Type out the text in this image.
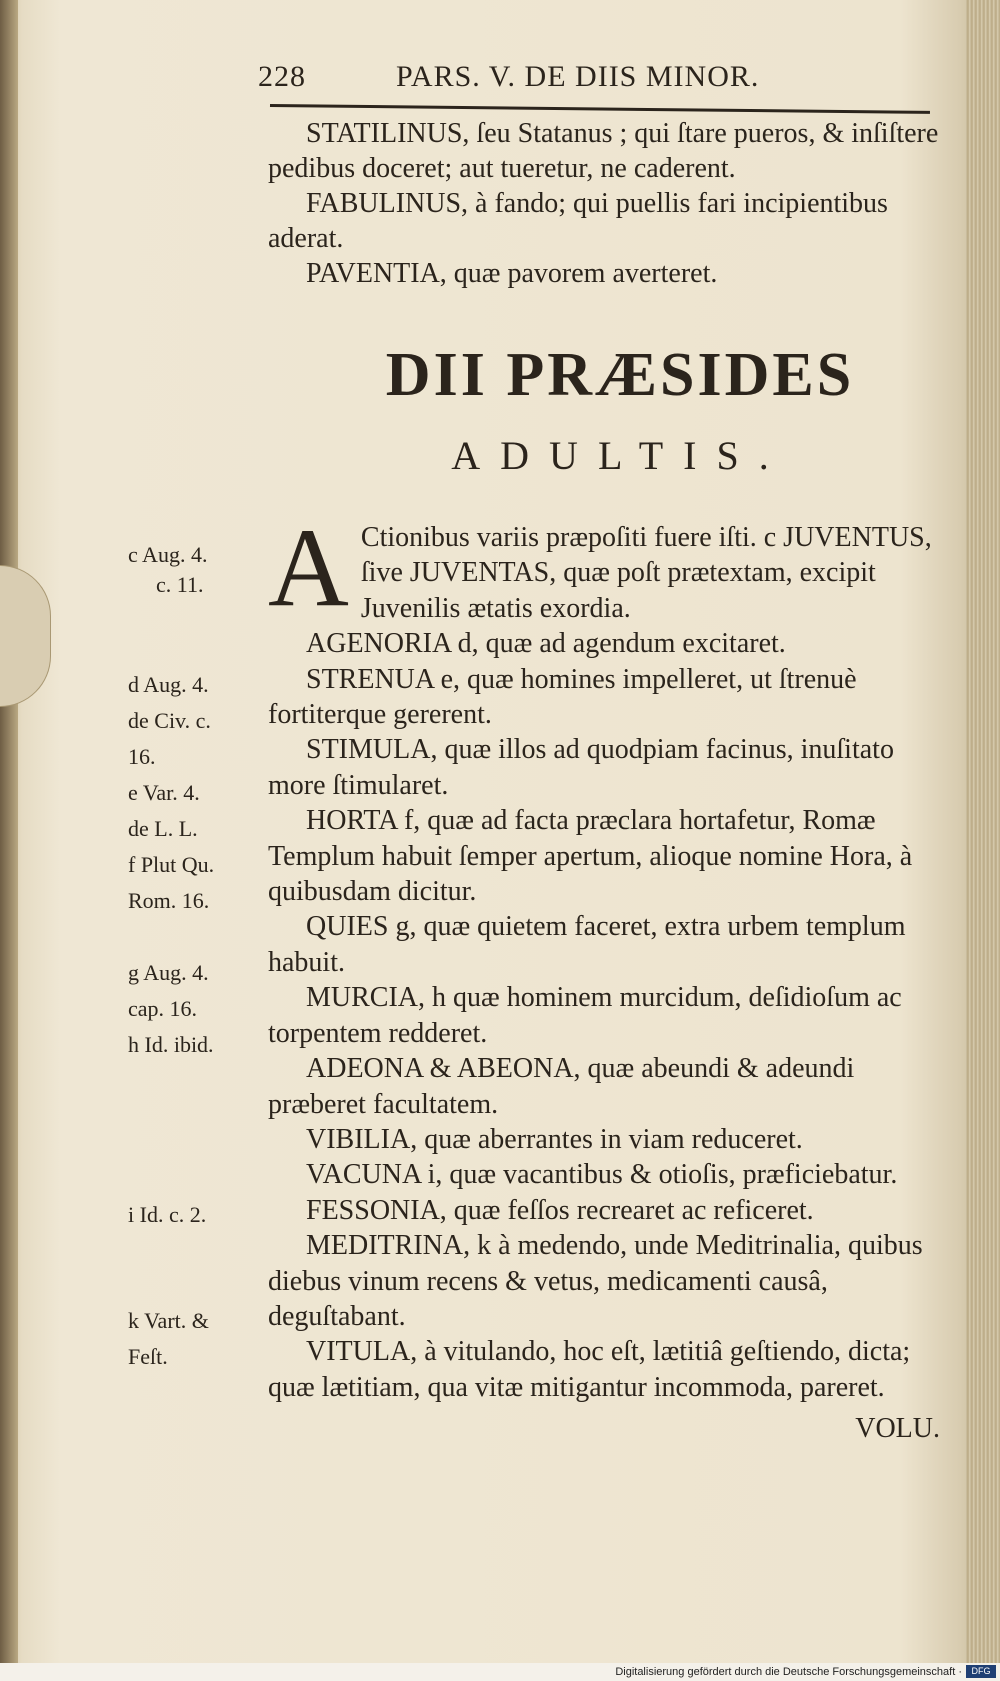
228	PARS. V. DE DIIS MINOR.

STATILINUS, ſeu Statanus ; qui ſtare pueros, & inſiſtere pedibus doceret; aut tueretur, ne caderent.

FABULINUS, à fando; qui puellis fari incipientibus aderat.

PAVENTIA, quæ pavorem averteret.

DII PRÆSIDES
ADULTIS.

A Ctionibus variis præpoſiti fuere iſti. c JUVENTUS, ſive JUVENTAS, quæ poſt prætextam, excipit Juvenilis ætatis exordia.

AGENORIA d, quæ ad agendum excitaret.

STRENUA e, quæ homines impelleret, ut ſtrenuè fortiterque gererent.

STIMULA, quæ illos ad quodpiam facinus, inuſitato more ſtimularet.

HORTA f, quæ ad facta præclara hortafetur, Romæ Templum habuit ſemper apertum, alioque nomine Hora, à quibusdam dicitur.

QUIES g, quæ quietem faceret, extra urbem templum habuit.

MURCIA, h quæ hominem murcidum, deſidioſum ac torpentem redderet.

ADEONA & ABEONA, quæ abeundi & adeundi præberet facultatem.

VIBILIA, quæ aberrantes in viam reduceret.

VACUNA i, quæ vacantibus & otioſis, præficiebatur.

FESSONIA, quæ feſſos recrearet ac reficeret.

MEDITRINA, k à medendo, unde Meditrinalia, quibus diebus vinum recens & vetus, medicamenti causâ, deguſtabant.

VITULA, à vitulando, hoc eſt, lætitiâ geſtiendo, dicta; quæ lætitiam, qua vitæ mitigantur incommoda, pareret.

VOLU.

c Aug. 4.
c. 11.
d Aug. 4.
de Civ. c.
16.
e Var. 4.
de L. L.
f Plut Qu.
Rom. 16.
g Aug. 4.
cap. 16.
h Id. ibid.
i Id. c. 2.
k Vart. &
Feſt.
Digitalisierung gefördert durch die Deutsche Forschungsgemeinschaft ·	DFG
